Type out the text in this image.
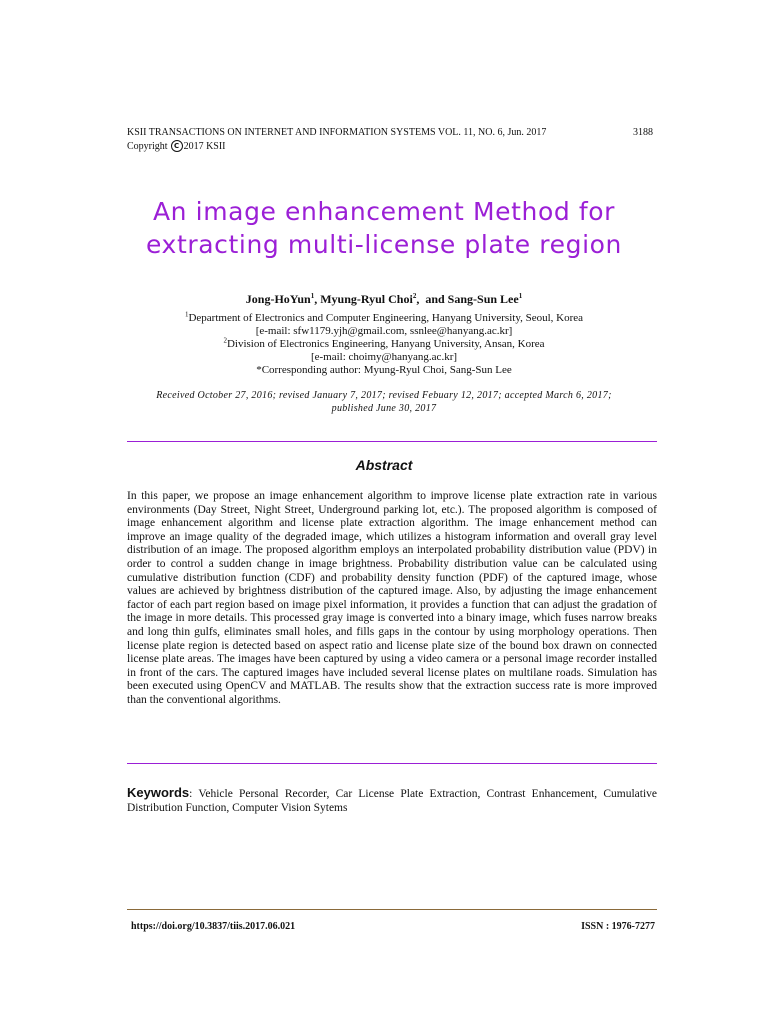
KSII TRANSACTIONS ON INTERNET AND INFORMATION SYSTEMS VOL. 11, NO. 6, Jun. 2017	3188
Copyright C 2017 KSII
An image enhancement Method for
extracting multi-license plate region
Jong-HoYun$^1$, Myung-Ryul Choi$^2$,  and Sang-Sun Lee$^1$
$^1$Department of Electronics and Computer Engineering, Hanyang University, Seoul, Korea
[e-mail: sfw1179.yjh@gmail.com, ssnlee@hanyang.ac.kr]
$^2$Division of Electronics Engineering, Hanyang University, Ansan, Korea
[e-mail: choimy@hanyang.ac.kr]
*Corresponding author: Myung-Ryul Choi, Sang-Sun Lee
Received October 27, 2016; revised January 7, 2017; revised Febuary 12, 2017; accepted March 6, 2017;
published June 30, 2017
Abstract
In this paper, we propose an image enhancement algorithm to improve license plate extraction rate in various environments (Day Street, Night Street, Underground parking lot, etc.). The proposed algorithm is composed of image enhancement algorithm and license plate extraction algorithm. The image enhancement method can improve an image quality of the degraded image, which utilizes a histogram information and overall gray level distribution of an image. The proposed algorithm employs an interpolated probability distribution value (PDV) in order to control a sudden change in image brightness. Probability distribution value can be calculated using cumulative distribution function (CDF) and probability density function (PDF) of the captured image, whose values are achieved by brightness distribution of the captured image. Also, by adjusting the image enhancement factor of each part region based on image pixel information, it provides a function that can adjust the gradation of the image in more details. This processed gray image is converted into a binary image, which fuses narrow breaks and long thin gulfs, eliminates small holes, and fills gaps in the contour by using morphology operations. Then license plate region is detected based on aspect ratio and license plate size of the bound box drawn on connected license plate areas. The images have been captured by using a video camera or a personal image recorder installed in front of the cars. The captured images have included several license plates on multilane roads. Simulation has been executed using OpenCV and MATLAB. The results show that the extraction success rate is more improved than the conventional algorithms.
Keywords: Vehicle Personal Recorder, Car License Plate Extraction, Contrast Enhancement, Cumulative Distribution Function, Computer Vision Sytems
https://doi.org/10.3837/tiis.2017.06.021	ISSN : 1976-7277
